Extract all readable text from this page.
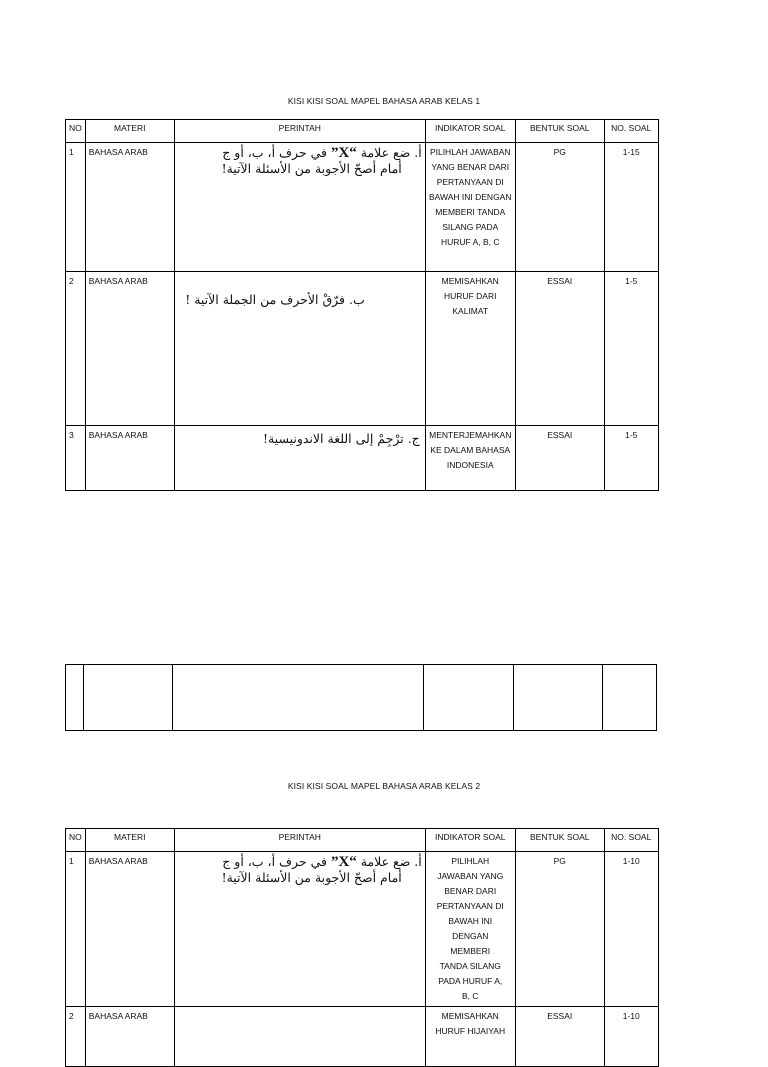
KISI KISI SOAL MAPEL BAHASA ARAB KELAS 1
NO	MATERI	PERINTAH	INDIKATOR SOAL	BENTUK SOAL	NO. SOAL
1	BAHASA ARAB	أ. ضع علامة “X” في حرف أ، ب، أو ج
أمام أصحّ الأجوبة من الأسئلة الآتية!	PILIHLAH JAWABAN YANG BENAR DARI PERTANYAAN DI BAWAH INI DENGAN MEMBERI TANDA SILANG PADA HURUF A, B, C	PG	1-15
2	BAHASA ARAB	ب. فرّقْ الأحرف من الجملة الآتية !	MEMISAHKAN HURUF DARI KALIMAT	ESSAI	1-5
3	BAHASA ARAB	ج. ترْجِمْ إلى اللغة الاندونيسية!	MENTERJEMAHKAN KE DALAM BAHASA INDONESIA	ESSAI	1-5

KISI KISI SOAL MAPEL BAHASA ARAB KELAS 2
NO	MATERI	PERINTAH	INDIKATOR SOAL	BENTUK SOAL	NO. SOAL
1	BAHASA ARAB	أ. ضع علامة “X” في حرف أ، ب، أو ج
أمام أصحّ الأجوبة من الأسئلة الآتية!	PILIHLAH JAWABAN YANG BENAR DARI PERTANYAAN DI BAWAH INI DENGAN MEMBERI TANDA SILANG PADA HURUF A, B, C	PG	1-10
2	BAHASA ARAB		MEMISAHKAN HURUF HIJAIYAH	ESSAI	1-10
